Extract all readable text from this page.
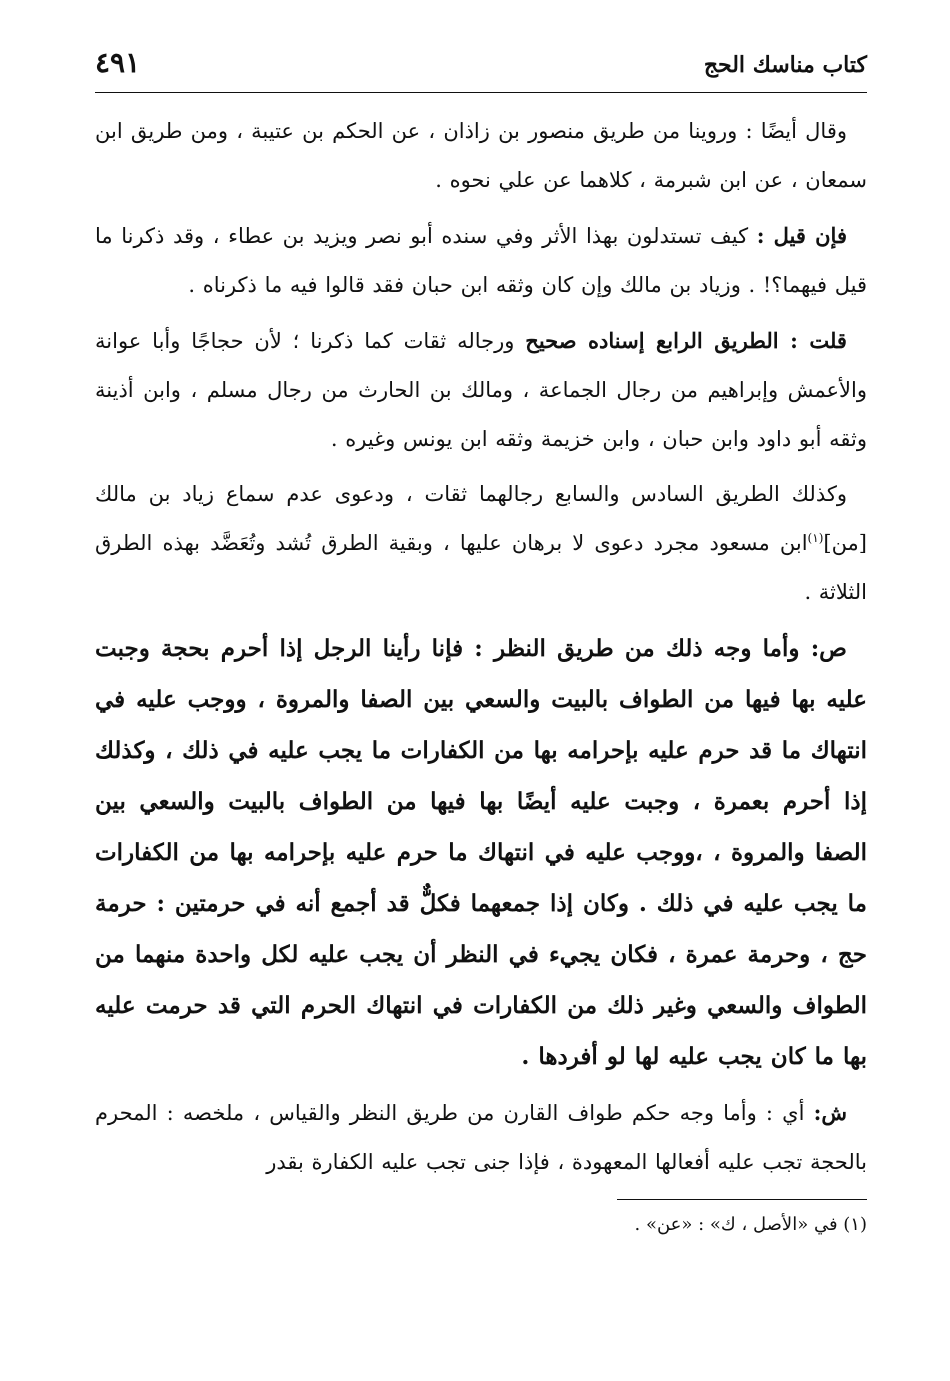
كتاب مناسك الحج
٤٩١

وقال أيضًا : وروينا من طريق منصور بن زاذان ، عن الحكم بن عتيبة ، ومن طريق ابن سمعان ، عن ابن شبرمة ، كلاهما عن علي نحوه .

فإن قيل : كيف تستدلون بهذا الأثر وفي سنده أبو نصر ويزيد بن عطاء ، وقد ذكرنا ما قيل فيهما؟! . وزياد بن مالك وإن كان وثقه ابن حبان فقد قالوا فيه ما ذكرناه .

قلت : الطريق الرابع إسناده صحيح ورجاله ثقات كما ذكرنا ؛ لأن حجاجًا وأبا عوانة والأعمش وإبراهيم من رجال الجماعة ، ومالك بن الحارث من رجال مسلم ، وابن أذينة وثقه أبو داود وابن حبان ، وابن خزيمة وثقه ابن يونس وغيره .

وكذلك الطريق السادس والسابع رجالهما ثقات ، ودعوى عدم سماع زياد بن مالك [من]$^{(١)}$ابن مسعود مجرد دعوى لا برهان عليها ، وبقية الطرق تُشد وتُعَضَّد بهذه الطرق الثلاثة .

ص: وأما وجه ذلك من طريق النظر : فإنا رأينا الرجل إذا أحرم بحجة وجبت عليه بها فيها من الطواف بالبيت والسعي بين الصفا والمروة ، ووجب عليه في انتهاك ما قد حرم عليه بإحرامه بها من الكفارات ما يجب عليه في ذلك ، وكذلك إذا أحرم بعمرة ، وجبت عليه أيضًا بها فيها من الطواف بالبيت والسعي بين الصفا والمروة ، ،ووجب عليه في انتهاك ما حرم عليه بإحرامه بها من الكفارات ما يجب عليه في ذلك . وكان إذا جمعهما فكلٌّ قد أجمع أنه في حرمتين : حرمة حج ، وحرمة عمرة ، فكان يجيء في النظر أن يجب عليه لكل واحدة منهما من الطواف والسعي وغير ذلك من الكفارات في انتهاك الحرم التي قد حرمت عليه بها ما كان يجب عليه لها لو أفردها .

ش: أي : وأما وجه حكم طواف القارن من طريق النظر والقياس ، ملخصه : المحرم بالحجة تجب عليه أفعالها المعهودة ، فإذا جنى تجب عليه الكفارة بقدر

(١) في «الأصل ، ك» : «عن» .
